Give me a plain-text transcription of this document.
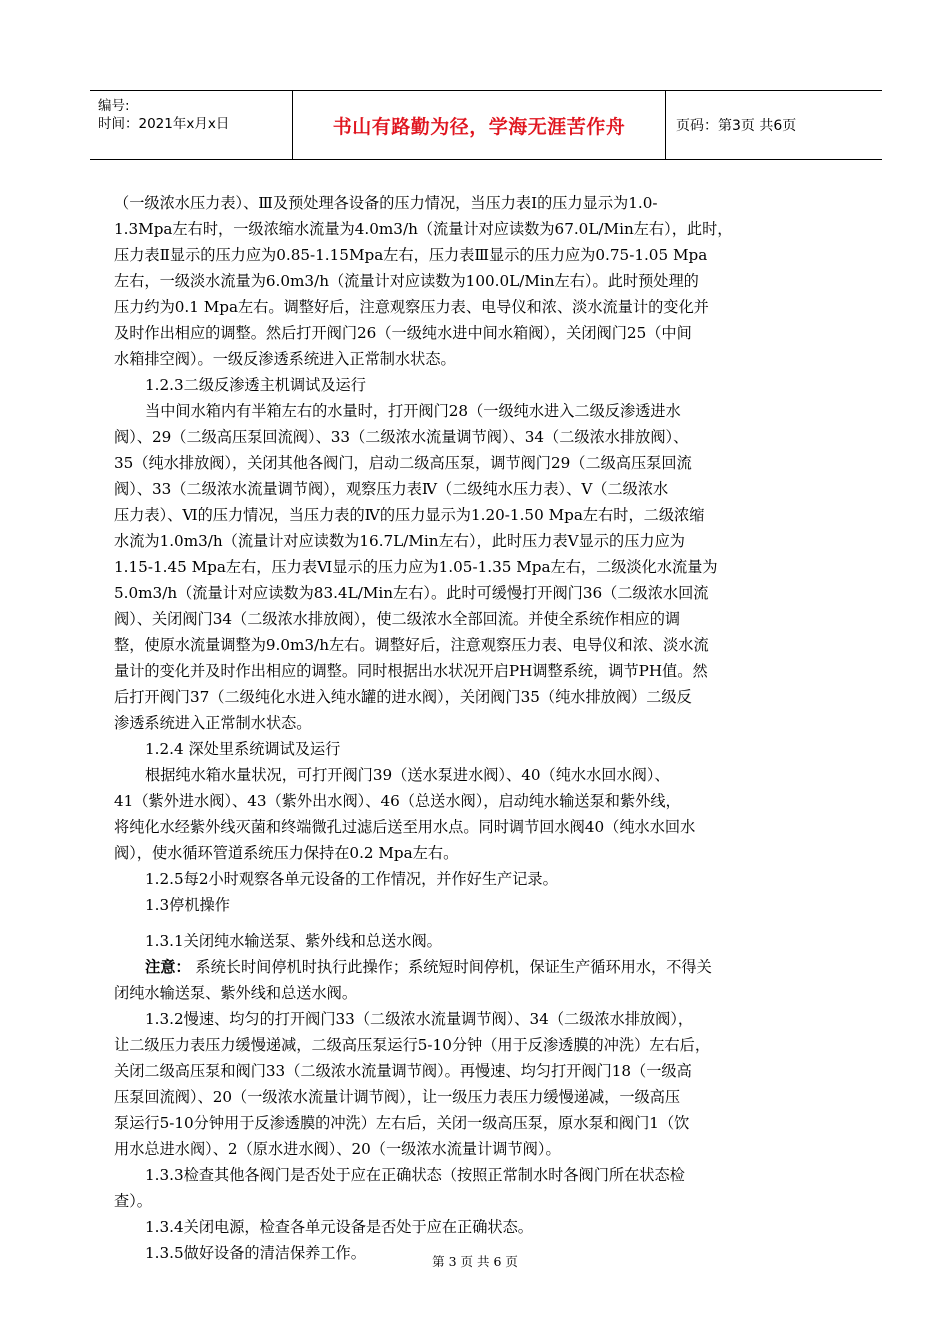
编号:
时间：2021年x月x日	书山有路勤为径，学海无涯苦作舟	页码：第3页 共6页
（一级浓水压力表）、Ⅲ及预处理各设备的压力情况，当压力表Ⅰ的压力显示为1.0-
1.3Mpa左右时，一级浓缩水流量为4.0m3/h（流量计对应读数为67.0L/Min左右），此时，
压力表Ⅱ显示的压力应为0.85-1.15Mpa左右，压力表Ⅲ显示的压力应为0.75-1.05 Mpa
左右，一级淡水流量为6.0m3/h（流量计对应读数为100.0L/Min左右）。此时预处理的
压力约为0.1 Mpa左右。调整好后，注意观察压力表、电导仪和浓、淡水流量计的变化并
及时作出相应的调整。然后打开阀门26（一级纯水进中间水箱阀），关闭阀门25（中间
水箱排空阀）。一级反渗透系统进入正常制水状态。
1.2.3二级反渗透主机调试及运行
当中间水箱内有半箱左右的水量时，打开阀门28（一级纯水进入二级反渗透进水
阀）、29（二级高压泵回流阀）、33（二级浓水流量调节阀）、34（二级浓水排放阀）、
35（纯水排放阀），关闭其他各阀门，启动二级高压泵，调节阀门29（二级高压泵回流
阀）、33（二级浓水流量调节阀），观察压力表Ⅳ（二级纯水压力表）、Ⅴ（二级浓水
压力表）、Ⅵ的压力情况，当压力表的Ⅳ的压力显示为1.20-1.50 Mpa左右时，二级浓缩
水流为1.0m3/h（流量计对应读数为16.7L/Min左右），此时压力表Ⅴ显示的压力应为
1.15-1.45 Mpa左右，压力表Ⅵ显示的压力应为1.05-1.35 Mpa左右，二级淡化水流量为
5.0m3/h（流量计对应读数为83.4L/Min左右）。此时可缓慢打开阀门36（二级浓水回流
阀）、关闭阀门34（二级浓水排放阀），使二级浓水全部回流。并使全系统作相应的调
整，使原水流量调整为9.0m3/h左右。调整好后，注意观察压力表、电导仪和浓、淡水流
量计的变化并及时作出相应的调整。同时根据出水状况开启PH调整系统，调节PH值。然
后打开阀门37（二级纯化水进入纯水罐的进水阀），关闭阀门35（纯水排放阀）二级反
渗透系统进入正常制水状态。
1.2.4 深处里系统调试及运行
根据纯水箱水量状况，可打开阀门39（送水泵进水阀）、40（纯水水回水阀）、
41（紫外进水阀）、43（紫外出水阀）、46（总送水阀），启动纯水输送泵和紫外线，
将纯化水经紫外线灭菌和终端微孔过滤后送至用水点。同时调节回水阀40（纯水水回水
阀），使水循环管道系统压力保持在0.2 Mpa左右。
1.2.5每2小时观察各单元设备的工作情况，并作好生产记录。
1.3停机操作
1.3.1关闭纯水输送泵、紫外线和总送水阀。
注意： 系统长时间停机时执行此操作；系统短时间停机，保证生产循环用水，不得关
闭纯水输送泵、紫外线和总送水阀。
1.3.2慢速、均匀的打开阀门33（二级浓水流量调节阀）、34（二级浓水排放阀），
让二级压力表压力缓慢递减，二级高压泵运行5-10分钟（用于反渗透膜的冲洗）左右后，
关闭二级高压泵和阀门33（二级浓水流量调节阀）。再慢速、均匀打开阀门18（一级高
压泵回流阀）、20（一级浓水流量计调节阀），让一级压力表压力缓慢递减，一级高压
泵运行5-10分钟用于反渗透膜的冲洗）左右后，关闭一级高压泵，原水泵和阀门1（饮
用水总进水阀）、2（原水进水阀）、20（一级浓水流量计调节阀）。
1.3.3检查其他各阀门是否处于应在正确状态（按照正常制水时各阀门所在状态检
查）。
1.3.4关闭电源，检查各单元设备是否处于应在正确状态。
1.3.5做好设备的清洁保养工作。	第 3 页 共 6 页
